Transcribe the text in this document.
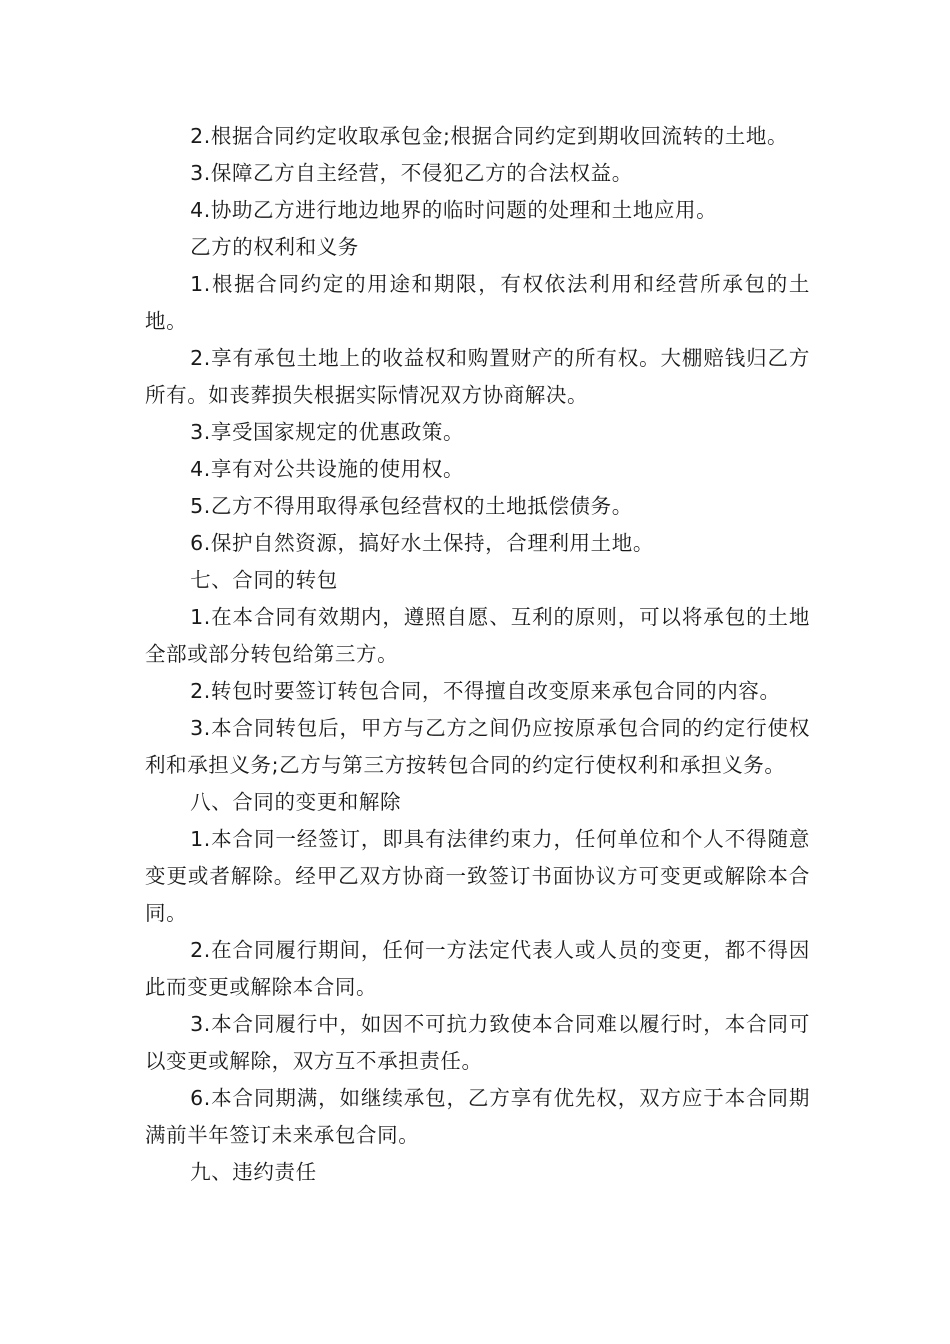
2.根据合同约定收取承包金;根据合同约定到期收回流转的土地。

3.保障乙方自主经营，不侵犯乙方的合法权益。

4.协助乙方进行地边地界的临时问题的处理和土地应用。

乙方的权利和义务

1.根据合同约定的用途和期限，有权依法利用和经营所承包的土地。

2.享有承包土地上的收益权和购置财产的所有权。大棚赔钱归乙方所有。如丧葬损失根据实际情况双方协商解决。

3.享受国家规定的优惠政策。

4.享有对公共设施的使用权。

5.乙方不得用取得承包经营权的土地抵偿债务。

6.保护自然资源，搞好水土保持，合理利用土地。

七、合同的转包

1.在本合同有效期内，遵照自愿、互利的原则，可以将承包的土地全部或部分转包给第三方。

2.转包时要签订转包合同，不得擅自改变原来承包合同的内容。

3.本合同转包后，甲方与乙方之间仍应按原承包合同的约定行使权利和承担义务;乙方与第三方按转包合同的约定行使权利和承担义务。

八、合同的变更和解除

1.本合同一经签订，即具有法律约束力，任何单位和个人不得随意变更或者解除。经甲乙双方协商一致签订书面协议方可变更或解除本合同。

2.在合同履行期间，任何一方法定代表人或人员的变更，都不得因此而变更或解除本合同。

3.本合同履行中，如因不可抗力致使本合同难以履行时，本合同可以变更或解除，双方互不承担责任。

6.本合同期满，如继续承包，乙方享有优先权，双方应于本合同期满前半年签订未来承包合同。

九、违约责任
